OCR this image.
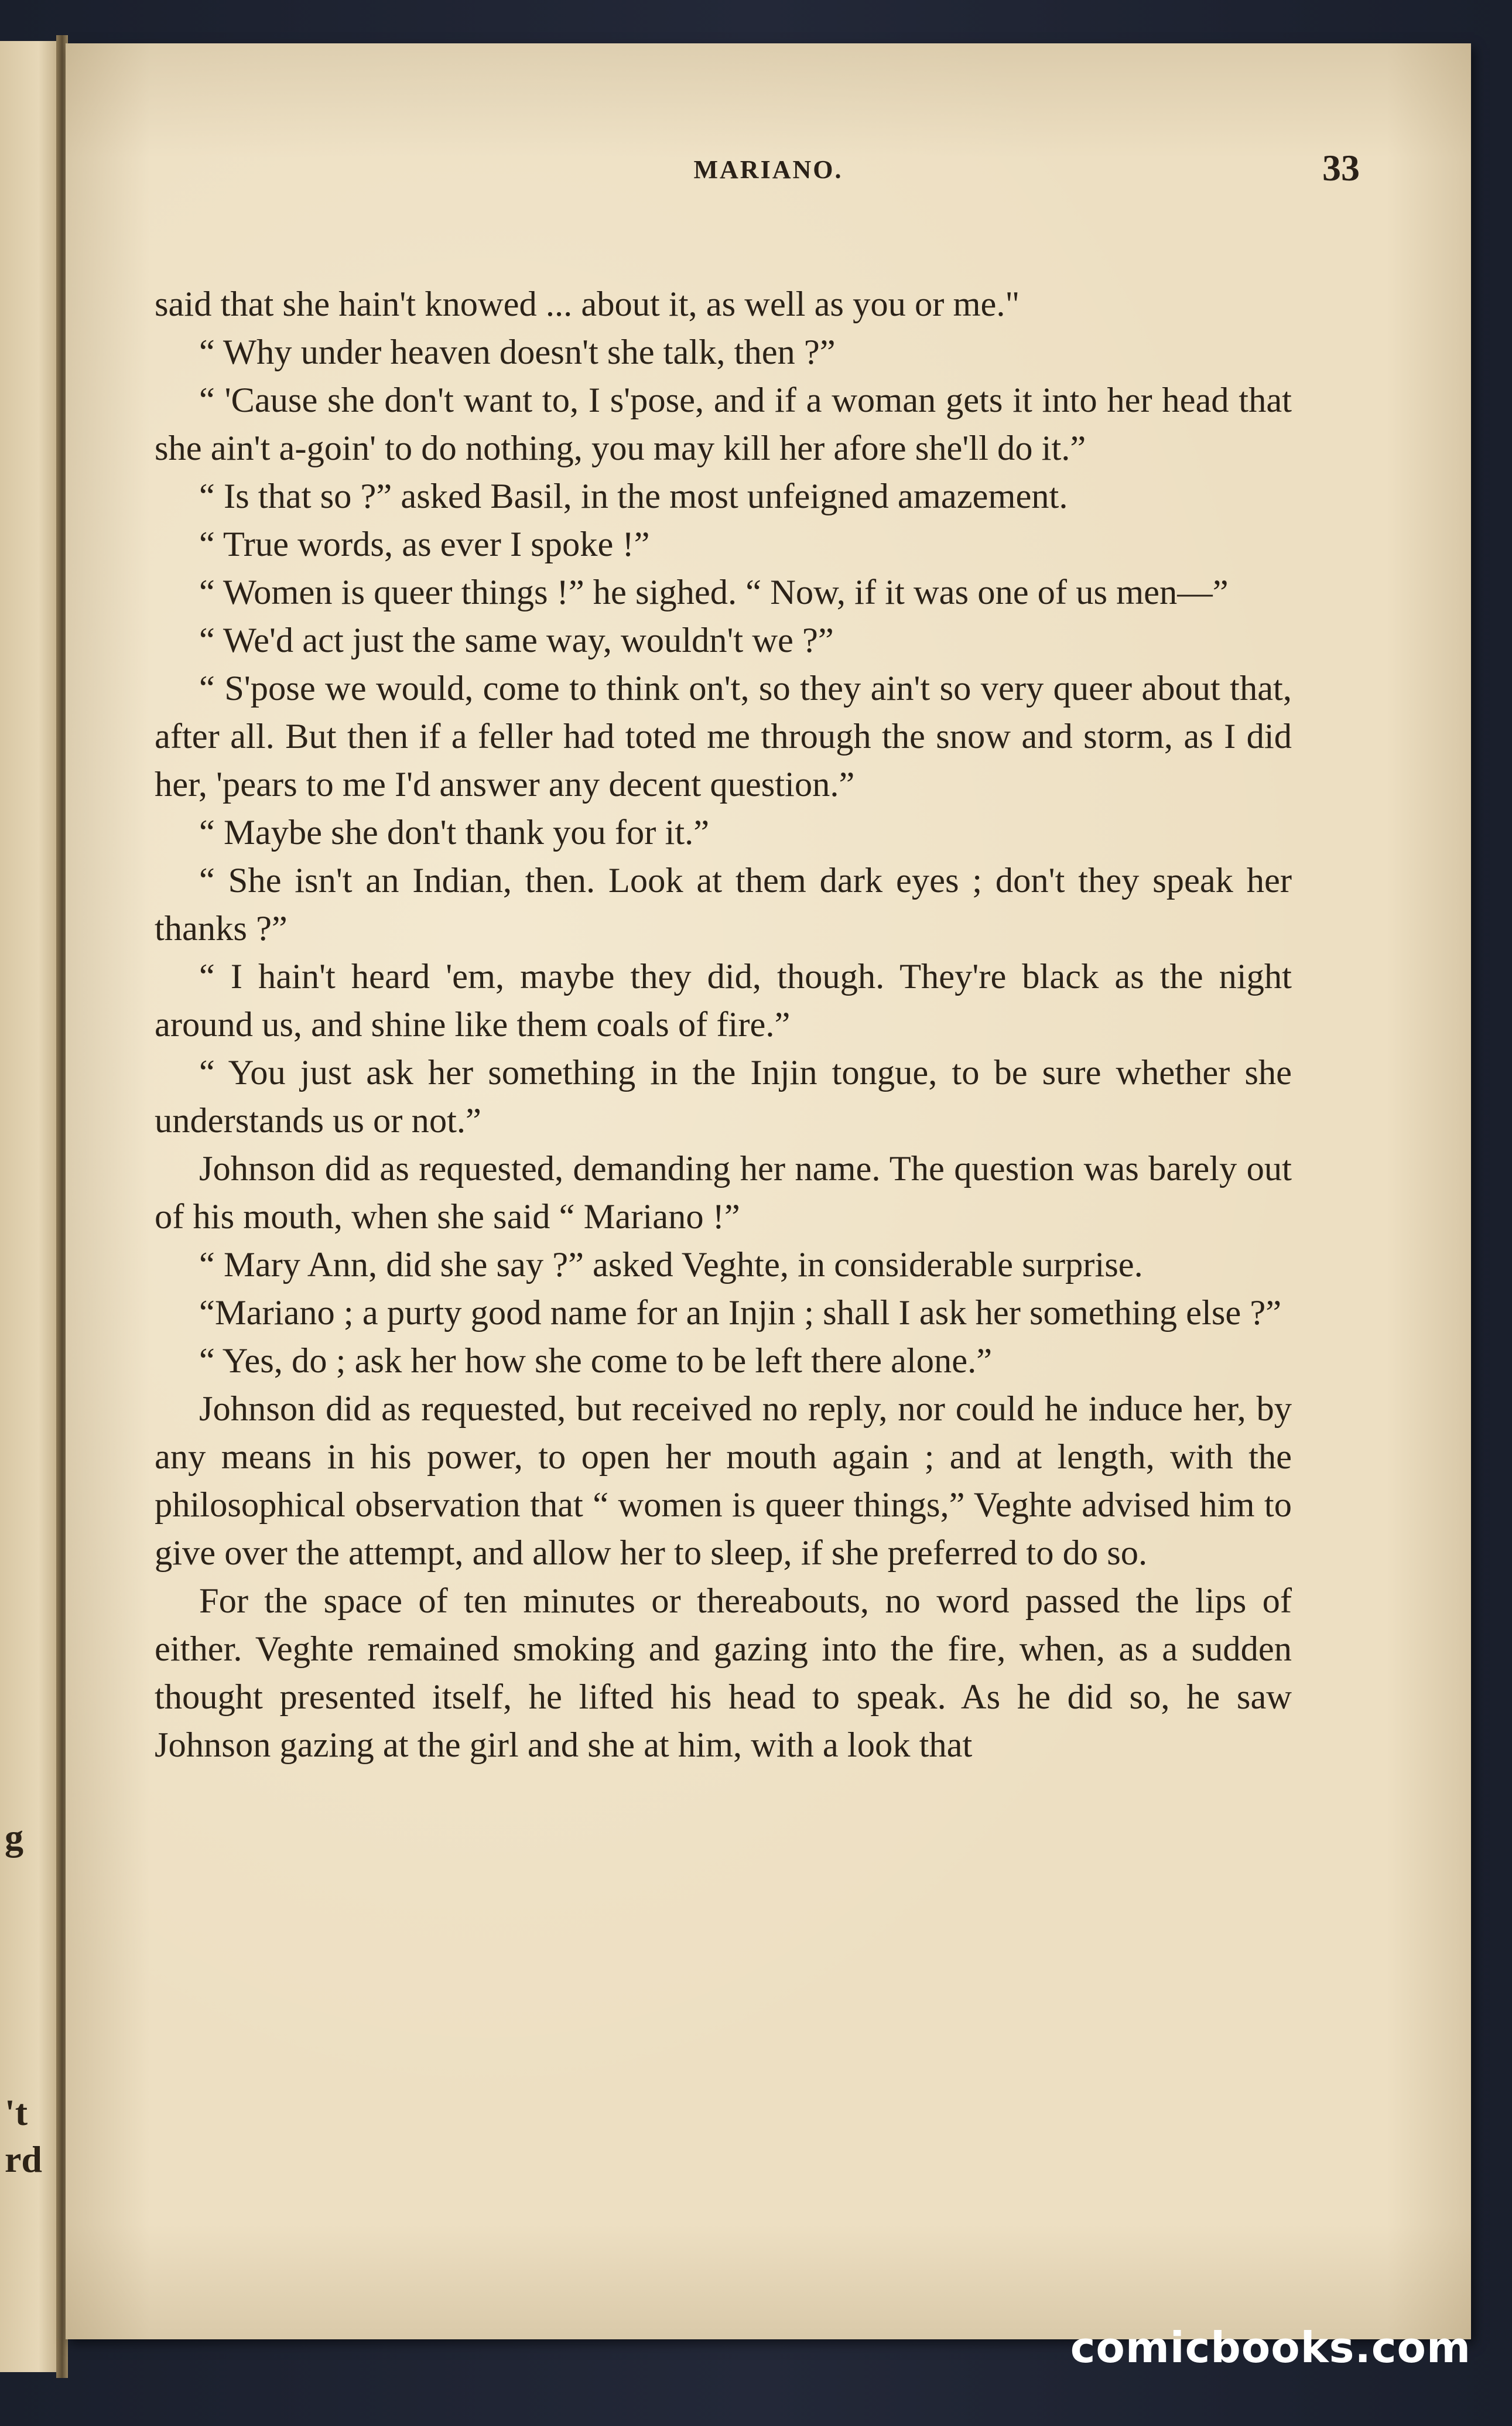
g
't
rd
MARIANO.	33

said that she hain't knowed ... about it, as well as you or me."

“ Why under heaven doesn't she talk, then ?”

“ 'Cause she don't want to, I s'pose, and if a woman gets it into her head that she ain't a-goin' to do nothing, you may kill her afore she'll do it.”

“ Is that so ?” asked Basil, in the most unfeigned amazement.

“ True words, as ever I spoke !”

“ Women is queer things !” he sighed. “ Now, if it was one of us men—”

“ We'd act just the same way, wouldn't we ?”

“ S'pose we would, come to think on't, so they ain't so very queer about that, after all. But then if a feller had toted me through the snow and storm, as I did her, 'pears to me I'd answer any decent question.”

“ Maybe she don't thank you for it.”

“ She isn't an Indian, then. Look at them dark eyes ; don't they speak her thanks ?”

“ I hain't heard 'em, maybe they did, though. They're black as the night around us, and shine like them coals of fire.”

“ You just ask her something in the Injin tongue, to be sure whether she understands us or not.”

Johnson did as requested, demanding her name. The question was barely out of his mouth, when she said “ Mariano !”

“ Mary Ann, did she say ?” asked Veghte, in considerable surprise.

“Mariano ; a purty good name for an Injin ; shall I ask her something else ?”

“ Yes, do ; ask her how she come to be left there alone.”

Johnson did as requested, but received no reply, nor could he induce her, by any means in his power, to open her mouth again ; and at length, with the philosophical observation that “ women is queer things,” Veghte advised him to give over the attempt, and allow her to sleep, if she preferred to do so.

For the space of ten minutes or thereabouts, no word passed the lips of either. Veghte remained smoking and gazing into the fire, when, as a sudden thought presented itself, he lifted his head to speak. As he did so, he saw Johnson gazing at the girl and she at him, with a look that

comicbooks.com
